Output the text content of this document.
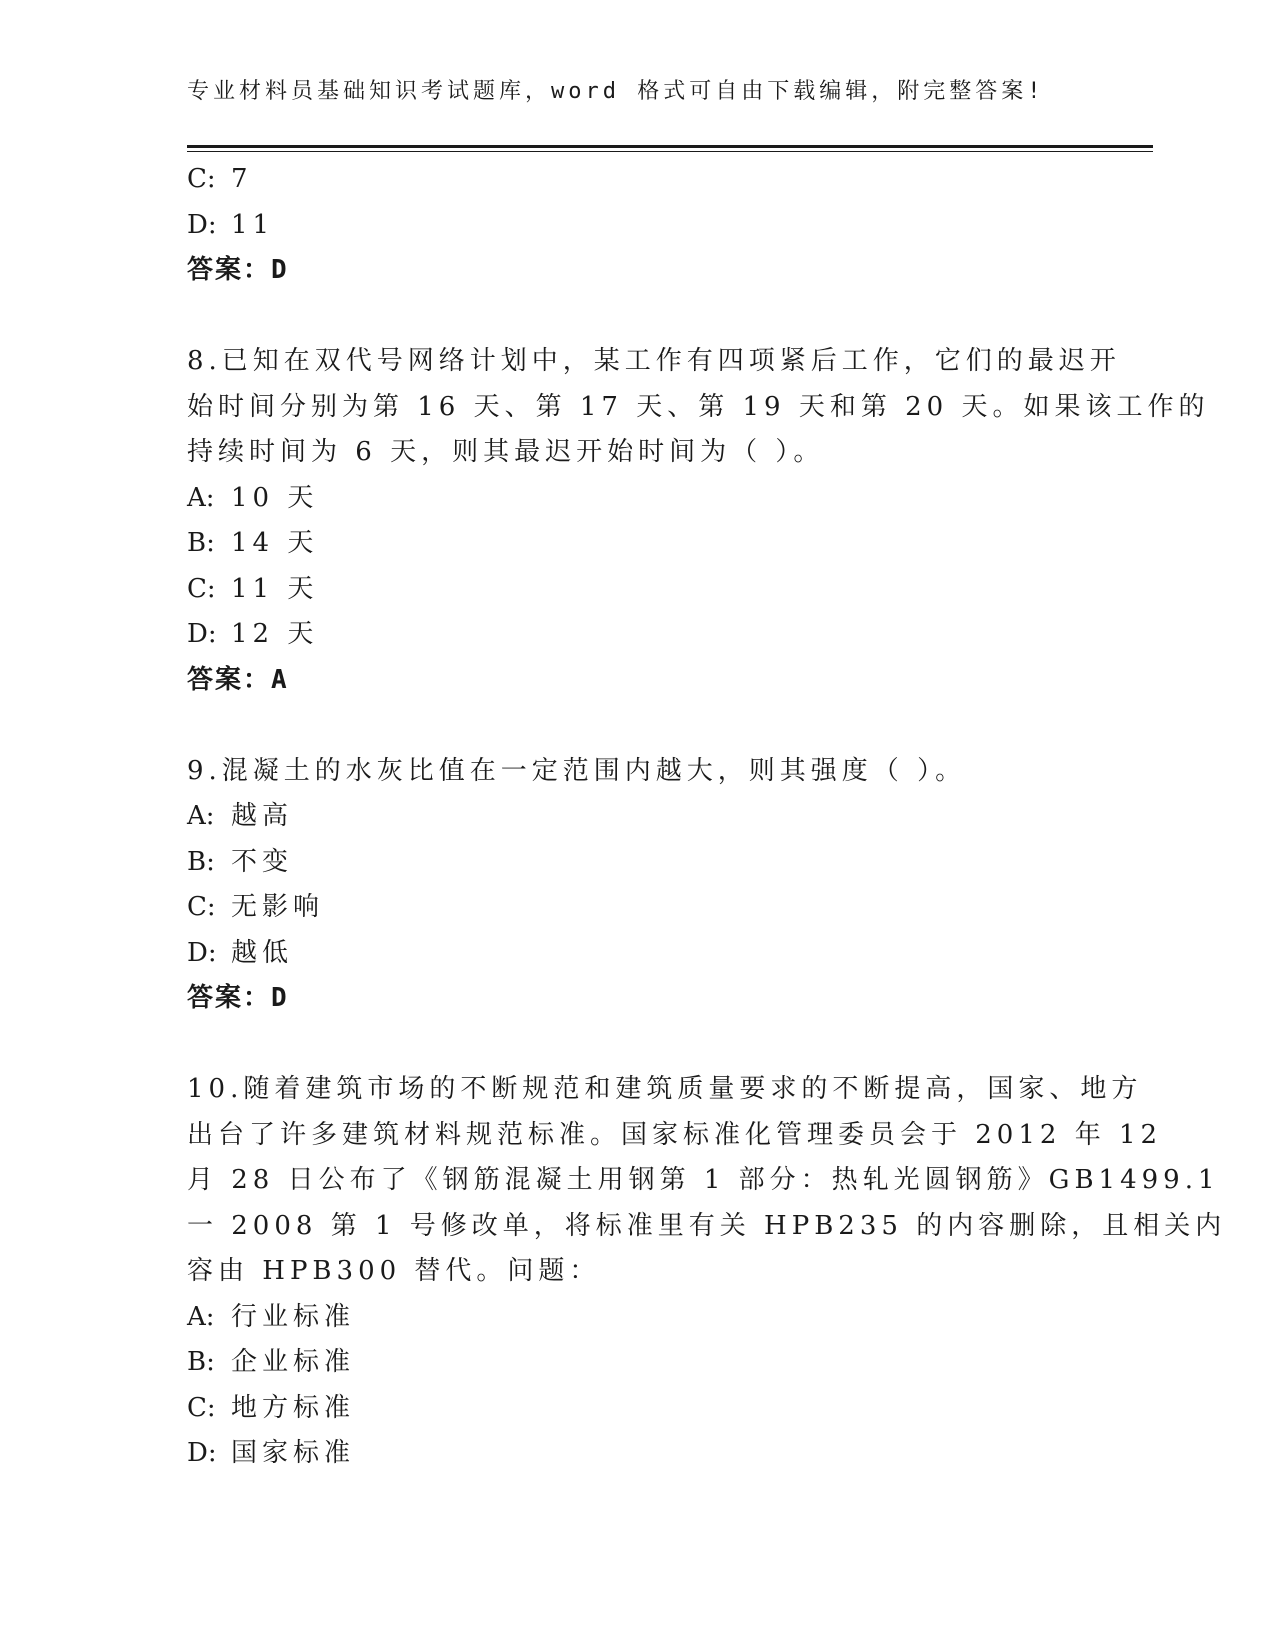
专业材料员基础知识考试题库，word 格式可自由下载编辑，附完整答案!
C: 7
D: 11
答案：D
8.已知在双代号网络计划中，某工作有四项紧后工作，它们的最迟开
始时间分别为第 16 天、第 17 天、第 19 天和第 20 天。如果该工作的
持续时间为 6 天，则其最迟开始时间为（ ）。
A: 10 天
B: 14 天
C: 11 天
D: 12 天
答案：A
9.混凝土的水灰比值在一定范围内越大，则其强度（ ）。
A: 越高
B: 不变
C: 无影响
D: 越低
答案：D
10.随着建筑市场的不断规范和建筑质量要求的不断提高，国家、地方
出台了许多建筑材料规范标准。国家标准化管理委员会于 2012 年 12
月 28 日公布了《钢筋混凝土用钢第 1 部分：热轧光圆钢筋》GB1499.1
一 2008 第 1 号修改单，将标准里有关 HPB235 的内容删除，且相关内
容由 HPB300 替代。问题：
A: 行业标准
B: 企业标准
C: 地方标准
D: 国家标准
